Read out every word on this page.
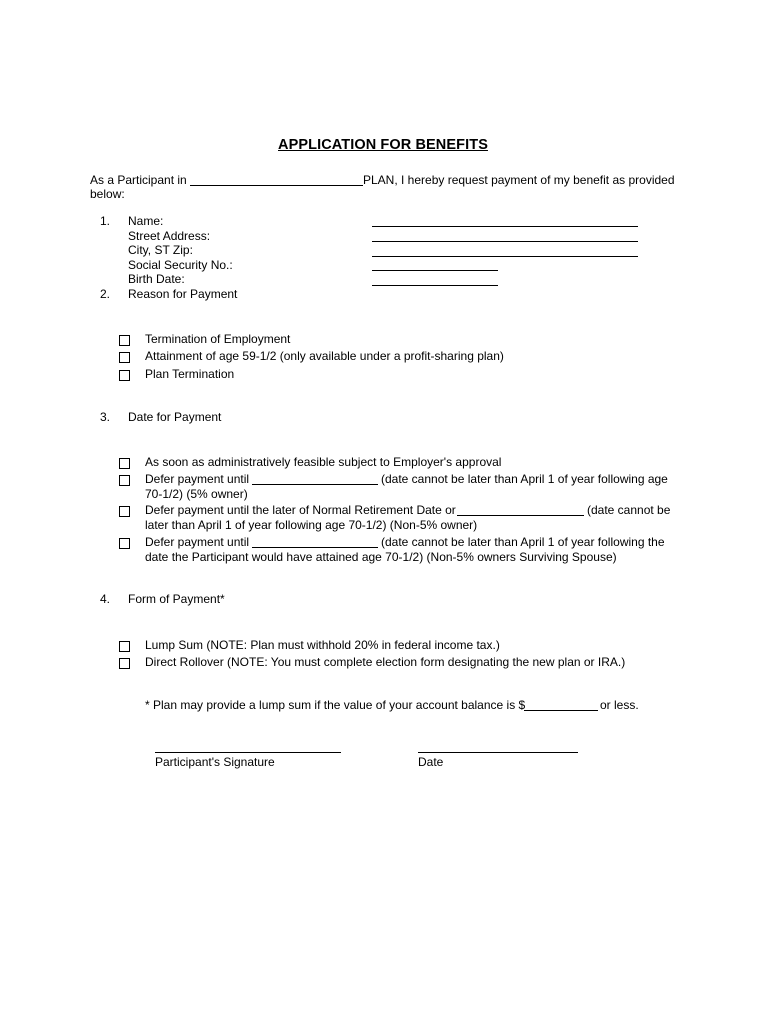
APPLICATION FOR BENEFITS
As a Participant in	PLAN, I hereby request payment of my benefit as provided
below:
1. Name:
Street Address:
City, ST Zip:
Social Security No.:
Birth Date:
2. Reason for Payment
Termination of Employment
Attainment of age 59-1/2 (only available under a profit-sharing plan)
Plan Termination
3. Date for Payment
As soon as administratively feasible subject to Employer's approval
Defer payment until	(date cannot be later than April 1 of year following age
70-1/2) (5% owner)
Defer payment until the later of Normal Retirement Date or	(date cannot be
later than April 1 of year following age 70-1/2) (Non-5% owner)
Defer payment until	(date cannot be later than April 1 of year following the
date the Participant would have attained age 70-1/2) (Non-5% owners Surviving Spouse)
4. Form of Payment*
Lump Sum (NOTE: Plan must withhold 20% in federal income tax.)
Direct Rollover (NOTE: You must complete election form designating the new plan or IRA.)
* Plan may provide a lump sum if the value of your account balance is $	or less.
Participant's Signature	Date
